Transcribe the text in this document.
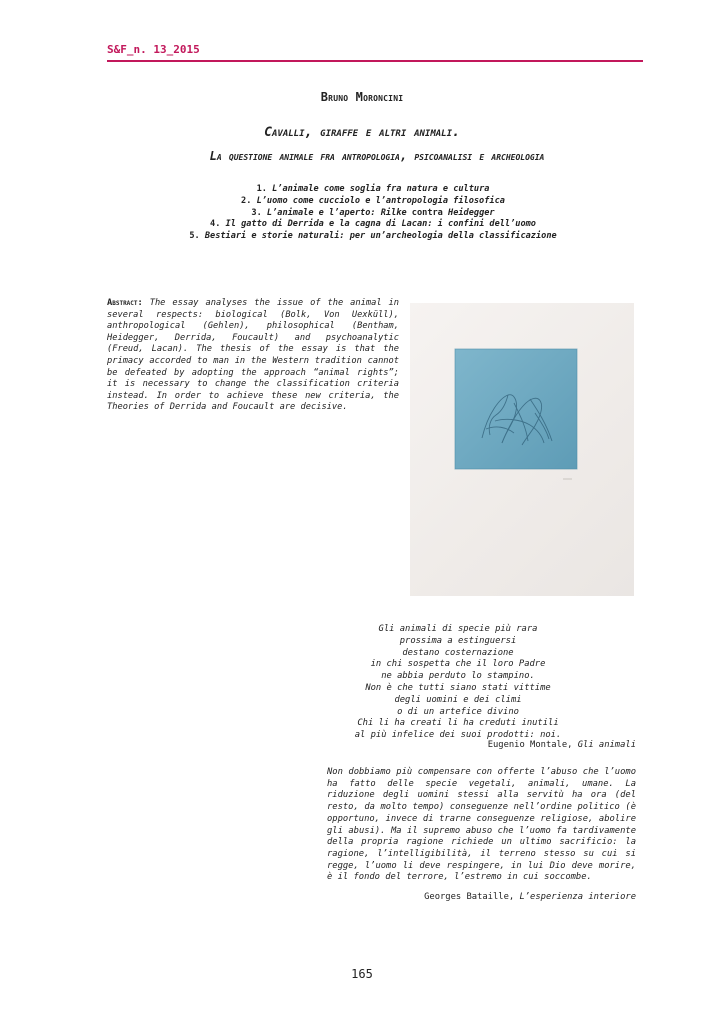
S&F_n. 13_2015
Bruno Moroncini
Cavalli, giraffe e altri animali.
La questione animale fra antropologia, psicoanalisi e archeologia
1. L’animale come soglia fra natura e cultura
2. L’uomo come cucciolo e l’antropologia filosofica
3. L’animale e l’aperto: Rilke contra Heidegger
4. Il gatto di Derrida e la cagna di Lacan: i confini dell’uomo
5. Bestiari e storie naturali: per un’archeologia della classificazione
Abstract: The essay analyses the issue of the animal in several respects: biological (Bolk, Von Uexküll), anthropological (Gehlen), philosophical (Bentham, Heidegger, Derrida, Foucault) and psychoanalytic (Freud, Lacan). The thesis of the essay is that the primacy accorded to man in the Western tradition cannot be defeated by adopting the approach “animal rights”; it is necessary to change the classification criteria instead. In order to achieve these new criteria, the Theories of Derrida and Foucault are decisive.
Gli animali di specie più rara
prossima a estinguersi
destano costernazione
in chi sospetta che il loro Padre
ne abbia perduto lo stampino.
Non è che tutti siano stati vittime
degli uomini e dei climi
o di un artefice divino
Chi li ha creati li ha creduti inutili
al più infelice dei suoi prodotti: noi.
Eugenio Montale, Gli animali
Non dobbiamo più compensare con offerte l’abuso che l’uomo ha fatto delle specie vegetali, animali, umane. La riduzione degli uomini stessi alla servitù ha ora (del resto, da molto tempo) conseguenze nell’ordine politico (è opportuno, invece di trarne conseguenze religiose, abolire gli abusi). Ma il supremo abuso che l’uomo fa tardivamente della propria ragione richiede un ultimo sacrificio: la ragione, l’intelligibilità, il terreno stesso su cui si regge, l’uomo li deve respingere, in lui Dio deve morire, è il fondo del terrore, l’estremo in cui soccombe.
Georges Bataille, L’esperienza interiore
165
